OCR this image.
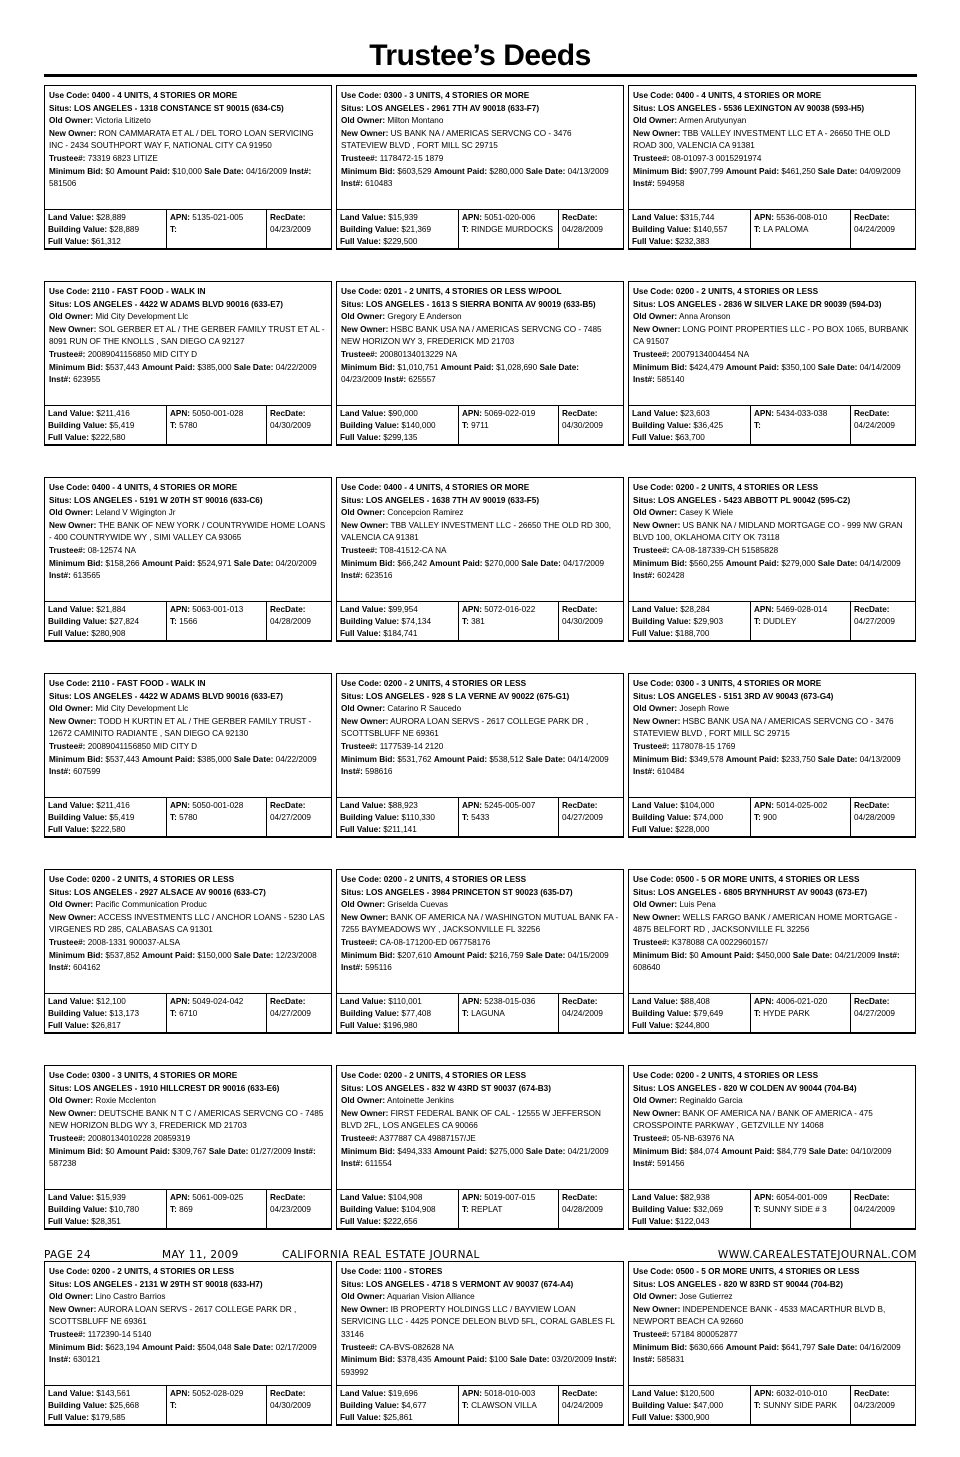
Trustee’s Deeds
Use Code: 0400 - 4 UNITS, 4 STORIES OR MORE
Situs: LOS ANGELES - 1318 CONSTANCE ST 90015 (634-C5)
Old Owner: Victoria Litizeto
New Owner: RON CAMMARATA ET AL / DEL TORO LOAN SERVICING INC - 2434 SOUTHPORT WAY F, NATIONAL CITY CA 91950
Trustee#: 73319 6823 LITIZE
Minimum Bid: $0 Amount Paid: $10,000 Sale Date: 04/16/2009 Inst#: 581506
Land Value: $28,889
Building Value: $28,889
Full Value: $61,312
APN: 5135-021-005
T:
RecDate:
04/23/2009
Use Code: 2110 - FAST FOOD - WALK IN
Situs: LOS ANGELES - 4422 W ADAMS BLVD 90016 (633-E7)
Old Owner: Mid City Development Llc
New Owner: SOL GERBER ET AL / THE GERBER FAMILY TRUST ET AL - 8091 RUN OF THE KNOLLS , SAN DIEGO CA 92127
Trustee#: 20089041156850 MID CITY D
Minimum Bid: $537,443 Amount Paid: $385,000 Sale Date: 04/22/2009 Inst#: 623955
Land Value: $211,416
Building Value: $5,419
Full Value: $222,580
APN: 5050-001-028
T: 5780
RecDate:
04/30/2009
Use Code: 0400 - 4 UNITS, 4 STORIES OR MORE
Situs: LOS ANGELES - 5191 W 20TH ST 90016 (633-C6)
Old Owner: Leland V Wigington Jr
New Owner: THE BANK OF NEW YORK / COUNTRYWIDE HOME LOANS - 400 COUNTRYWIDE WY , SIMI VALLEY CA 93065
Trustee#: 08-12574 NA
Minimum Bid: $158,266 Amount Paid: $524,971 Sale Date: 04/20/2009 Inst#: 613565
Land Value: $21,884
Building Value: $27,824
Full Value: $280,908
APN: 5063-001-013
T: 1566
RecDate:
04/28/2009
Use Code: 2110 - FAST FOOD - WALK IN
Situs: LOS ANGELES - 4422 W ADAMS BLVD 90016 (633-E7)
Old Owner: Mid City Development Llc
New Owner: TODD H KURTIN ET AL / THE GERBER FAMILY TRUST - 12672 CAMINITO RADIANTE , SAN DIEGO CA 92130
Trustee#: 20089041156850 MID CITY D
Minimum Bid: $537,443 Amount Paid: $385,000 Sale Date: 04/22/2009 Inst#: 607599
Land Value: $211,416
Building Value: $5,419
Full Value: $222,580
APN: 5050-001-028
T: 5780
RecDate:
04/27/2009
Use Code: 0200 - 2 UNITS, 4 STORIES OR LESS
Situs: LOS ANGELES - 2927 ALSACE AV 90016 (633-C7)
Old Owner: Pacific Communication Produc
New Owner: ACCESS INVESTMENTS LLC / ANCHOR LOANS - 5230 LAS VIRGENES RD 285, CALABASAS CA 91301
Trustee#: 2008-1331 900037-ALSA
Minimum Bid: $537,852 Amount Paid: $150,000 Sale Date: 12/23/2008 Inst#: 604162
Land Value: $12,100
Building Value: $13,173
Full Value: $26,817
APN: 5049-024-042
T: 6710
RecDate:
04/27/2009
Use Code: 0300 - 3 UNITS, 4 STORIES OR MORE
Situs: LOS ANGELES - 1910 HILLCREST DR 90016 (633-E6)
Old Owner: Roxie Mcclenton
New Owner: DEUTSCHE BANK N T C / AMERICAS SERVCNG CO - 7485 NEW HORIZON BLDG WY 3, FREDERICK MD 21703
Trustee#: 20080134010228 20859319
Minimum Bid: $0 Amount Paid: $309,767 Sale Date: 01/27/2009 Inst#: 587238
Land Value: $15,939
Building Value: $10,780
Full Value: $28,351
APN: 5061-009-025
T: 869
RecDate:
04/23/2009
Use Code: 0200 - 2 UNITS, 4 STORIES OR LESS
Situs: LOS ANGELES - 2131 W 29TH ST 90018 (633-H7)
Old Owner: Lino Castro Barrios
New Owner: AURORA LOAN SERVS - 2617 COLLEGE PARK DR , SCOTTSBLUFF NE 69361
Trustee#: 1172390-14 5140
Minimum Bid: $623,194 Amount Paid: $504,048 Sale Date: 02/17/2009 Inst#: 630121
Land Value: $143,561
Building Value: $25,668
Full Value: $179,585
APN: 5052-028-029
T:
RecDate:
04/30/2009
Use Code: 0300 - 3 UNITS, 4 STORIES OR MORE
Situs: LOS ANGELES - 2961 7TH AV 90018 (633-F7)
Old Owner: Milton Montano
New Owner: US BANK NA / AMERICAS SERVCNG CO - 3476 STATEVIEW BLVD , FORT MILL SC 29715
Trustee#: 1178472-15 1879
Minimum Bid: $603,529 Amount Paid: $280,000 Sale Date: 04/13/2009 Inst#: 610483
Land Value: $15,939
Building Value: $21,369
Full Value: $229,500
APN: 5051-020-006
T: RINDGE MURDOCKS
RecDate:
04/28/2009
Use Code: 0201 - 2 UNITS, 4 STORIES OR LESS W/POOL
Situs: LOS ANGELES - 1613 S SIERRA BONITA AV 90019 (633-B5)
Old Owner: Gregory E Anderson
New Owner: HSBC BANK USA NA / AMERICAS SERVCNG CO - 7485 NEW HORIZON WY 3, FREDERICK MD 21703
Trustee#: 20080134013229 NA
Minimum Bid: $1,010,751 Amount Paid: $1,028,690 Sale Date: 04/23/2009 Inst#: 625557
Land Value: $90,000
Building Value: $140,000
Full Value: $299,135
APN: 5069-022-019
T: 9711
RecDate:
04/30/2009
Use Code: 0400 - 4 UNITS, 4 STORIES OR MORE
Situs: LOS ANGELES - 1638 7TH AV 90019 (633-F5)
Old Owner: Concepcion Ramirez
New Owner: TBB VALLEY INVESTMENT LLC - 26650 THE OLD RD 300, VALENCIA CA 91381
Trustee#: T08-41512-CA NA
Minimum Bid: $66,242 Amount Paid: $270,000 Sale Date: 04/17/2009 Inst#: 623516
Land Value: $99,954
Building Value: $74,134
Full Value: $184,741
APN: 5072-016-022
T: 381
RecDate:
04/30/2009
Use Code: 0200 - 2 UNITS, 4 STORIES OR LESS
Situs: LOS ANGELES - 928 S LA VERNE AV 90022 (675-G1)
Old Owner: Catarino R Saucedo
New Owner: AURORA LOAN SERVS - 2617 COLLEGE PARK DR , SCOTTSBLUFF NE 69361
Trustee#: 1177539-14 2120
Minimum Bid: $531,762 Amount Paid: $538,512 Sale Date: 04/14/2009 Inst#: 598616
Land Value: $88,923
Building Value: $110,330
Full Value: $211,141
APN: 5245-005-007
T: 5433
RecDate:
04/27/2009
Use Code: 0200 - 2 UNITS, 4 STORIES OR LESS
Situs: LOS ANGELES - 3984 PRINCETON ST 90023 (635-D7)
Old Owner: Griselda Cuevas
New Owner: BANK OF AMERICA NA / WASHINGTON MUTUAL BANK FA - 7255 BAYMEADOWS WY , JACKSONVILLE FL 32256
Trustee#: CA-08-171200-ED 067758176
Minimum Bid: $207,610 Amount Paid: $216,759 Sale Date: 04/15/2009 Inst#: 595116
Land Value: $110,001
Building Value: $77,408
Full Value: $196,980
APN: 5238-015-036
T: LAGUNA
RecDate:
04/24/2009
Use Code: 0200 - 2 UNITS, 4 STORIES OR LESS
Situs: LOS ANGELES - 832 W 43RD ST 90037 (674-B3)
Old Owner: Antoinette Jenkins
New Owner: FIRST FEDERAL BANK OF CAL - 12555 W JEFFERSON BLVD 2FL, LOS ANGELES CA 90066
Trustee#: A377887 CA 49887157/JE
Minimum Bid: $494,333 Amount Paid: $275,000 Sale Date: 04/21/2009 Inst#: 611554
Land Value: $104,908
Building Value: $104,908
Full Value: $222,656
APN: 5019-007-015
T: REPLAT
RecDate:
04/28/2009
Use Code: 1100 - STORES
Situs: LOS ANGELES - 4718 S VERMONT AV 90037 (674-A4)
Old Owner: Aquarian Vision Alliance
New Owner: IB PROPERTY HOLDINGS LLC / BAYVIEW LOAN SERVICING LLC - 4425 PONCE DELEON BLVD 5FL, CORAL GABLES FL 33146
Trustee#: CA-BVS-082628 NA
Minimum Bid: $378,435 Amount Paid: $100 Sale Date: 03/20/2009 Inst#: 593992
Land Value: $19,696
Building Value: $4,677
Full Value: $25,861
APN: 5018-010-003
T: CLAWSON VILLA
RecDate:
04/24/2009
Use Code: 0400 - 4 UNITS, 4 STORIES OR MORE
Situs: LOS ANGELES - 5536 LEXINGTON AV 90038 (593-H5)
Old Owner: Armen Arutyunyan
New Owner: TBB VALLEY INVESTMENT LLC ET A - 26650 THE OLD ROAD 300, VALENCIA CA 91381
Trustee#: 08-01097-3 0015291974
Minimum Bid: $907,799 Amount Paid: $461,250 Sale Date: 04/09/2009 Inst#: 594958
Land Value: $315,744
Building Value: $140,557
Full Value: $232,383
APN: 5536-008-010
T: LA PALOMA
RecDate:
04/24/2009
Use Code: 0200 - 2 UNITS, 4 STORIES OR LESS
Situs: LOS ANGELES - 2836 W SILVER LAKE DR 90039 (594-D3)
Old Owner: Anna Aronson
New Owner: LONG POINT PROPERTIES LLC - PO BOX 1065, BURBANK CA 91507
Trustee#: 20079134004454 NA
Minimum Bid: $424,479 Amount Paid: $350,100 Sale Date: 04/14/2009 Inst#: 585140
Land Value: $23,603
Building Value: $36,425
Full Value: $63,700
APN: 5434-033-038
T:
RecDate:
04/24/2009
Use Code: 0200 - 2 UNITS, 4 STORIES OR LESS
Situs: LOS ANGELES - 5423 ABBOTT PL 90042 (595-C2)
Old Owner: Casey K Wiele
New Owner: US BANK NA / MIDLAND MORTGAGE CO - 999 NW GRAN BLVD 100, OKLAHOMA CITY OK 73118
Trustee#: CA-08-187339-CH 51585828
Minimum Bid: $560,255 Amount Paid: $279,000 Sale Date: 04/14/2009 Inst#: 602428
Land Value: $28,284
Building Value: $29,903
Full Value: $188,700
APN: 5469-028-014
T: DUDLEY
RecDate:
04/27/2009
Use Code: 0300 - 3 UNITS, 4 STORIES OR MORE
Situs: LOS ANGELES - 5151 3RD AV 90043 (673-G4)
Old Owner: Joseph Rowe
New Owner: HSBC BANK USA NA / AMERICAS SERVCNG CO - 3476 STATEVIEW BLVD , FORT MILL SC 29715
Trustee#: 1178078-15 1769
Minimum Bid: $349,578 Amount Paid: $233,750 Sale Date: 04/13/2009 Inst#: 610484
Land Value: $104,000
Building Value: $74,000
Full Value: $228,000
APN: 5014-025-002
T: 900
RecDate:
04/28/2009
Use Code: 0500 - 5 OR MORE UNITS, 4 STORIES OR LESS
Situs: LOS ANGELES - 6805 BRYNHURST AV 90043 (673-E7)
Old Owner: Luis Pena
New Owner: WELLS FARGO BANK / AMERICAN HOME MORTGAGE - 4875 BELFORT RD , JACKSONVILLE FL 32256
Trustee#: K378088 CA 0022960157/
Minimum Bid: $0 Amount Paid: $450,000 Sale Date: 04/21/2009 Inst#: 608640
Land Value: $88,408
Building Value: $79,649
Full Value: $244,800
APN: 4006-021-020
T: HYDE PARK
RecDate:
04/27/2009
Use Code: 0200 - 2 UNITS, 4 STORIES OR LESS
Situs: LOS ANGELES - 820 W COLDEN AV 90044 (704-B4)
Old Owner: Reginaldo Garcia
New Owner: BANK OF AMERICA NA / BANK OF AMERICA - 475 CROSSPOINTE PARKWAY , GETZVILLE NY 14068
Trustee#: 05-NB-63976 NA
Minimum Bid: $84,074 Amount Paid: $84,779 Sale Date: 04/10/2009 Inst#: 591456
Land Value: $82,938
Building Value: $32,069
Full Value: $122,043
APN: 6054-001-009
T: SUNNY SIDE # 3
RecDate:
04/24/2009
Use Code: 0500 - 5 OR MORE UNITS, 4 STORIES OR LESS
Situs: LOS ANGELES - 820 W 83RD ST 90044 (704-B2)
Old Owner: Jose Gutierrez
New Owner: INDEPENDENCE BANK - 4533 MACARTHUR BLVD B, NEWPORT BEACH CA 92660
Trustee#: 57184 800052877
Minimum Bid: $630,666 Amount Paid: $641,797 Sale Date: 04/16/2009 Inst#: 585831
Land Value: $120,500
Building Value: $47,000
Full Value: $300,900
APN: 6032-010-010
T: SUNNY SIDE PARK
RecDate:
04/23/2009
PAGE 24	MAY 11, 2009	CALIFORNIA REAL ESTATE JOURNAL	WWW.CAREALESTATEJOURNAL.COM
